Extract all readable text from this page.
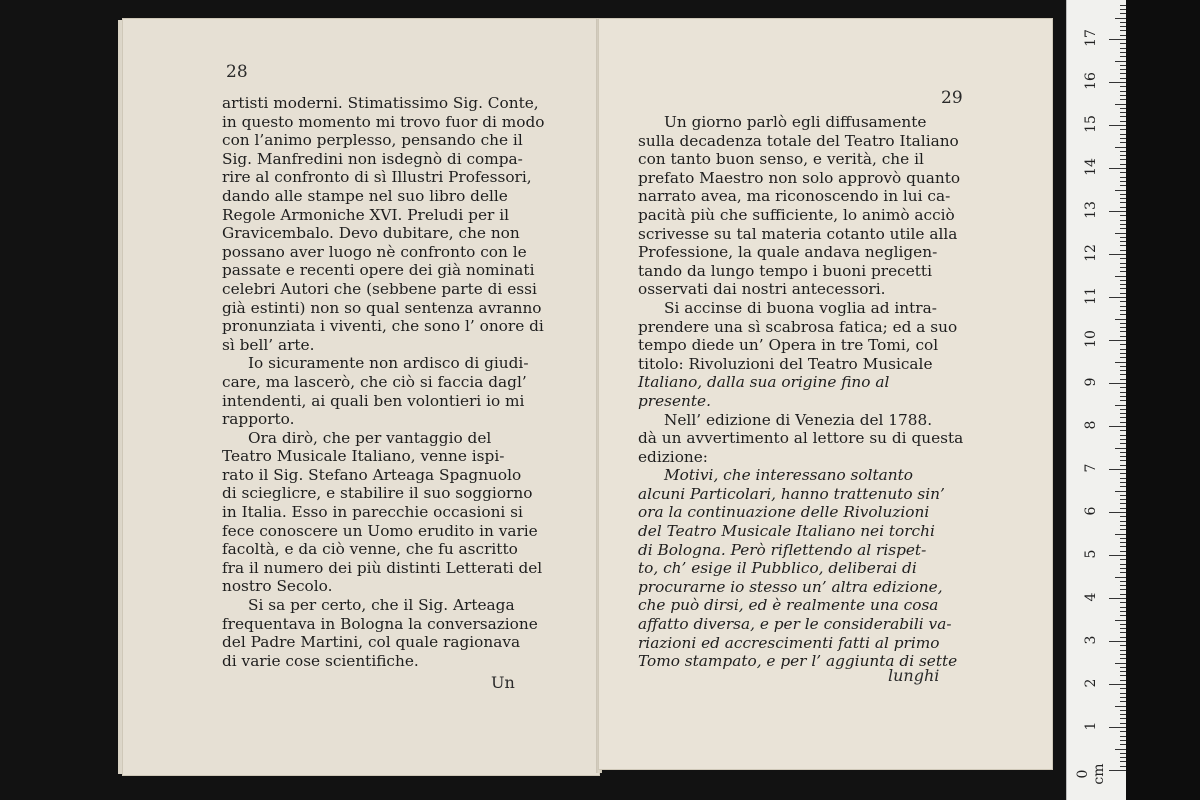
28
artisti moderni. Stimatissimo Sig. Conte,
in questo momento mi trovo fuor di modo
con l’animo perplesso, pensando che il
Sig. Manfredini non isdegnò di compa-
rire al confronto di sì Illustri Professori,
dando alle stampe nel suo libro delle
Regole Armoniche XVI. Preludi per il
Gravicembalo. Devo dubitare, che non
possano aver luogo nè confronto con le
passate e recenti opere dei già nominati
celebri Autori che (sebbene parte di essi
già estinti) non so qual sentenza avranno
pronunziata i viventi, che sono l’ onore di
sì bell’ arte.
Io sicuramente non ardisco di giudi-
care, ma lascerò, che ciò si faccia dagl’
intendenti, ai quali ben volontieri io mi
rapporto.
Ora dirò, che per vantaggio del
Teatro Musicale Italiano, venne ispi-
rato il Sig. Stefano Arteaga Spagnuolo
di scieglicre, e stabilire il suo soggiorno
in Italia. Esso in parecchie occasioni si
fece conoscere un Uomo erudito in varie
facoltà, e da ciò venne, che fu ascritto
fra il numero dei più distinti Letterati del
nostro Secolo.
Si sa per certo, che il Sig. Arteaga
frequentava in Bologna la conversazione
del Padre Martini, col quale ragionava
di varie cose scientifiche.
Un
29
Un giorno parlò egli diffusamente
sulla decadenza totale del Teatro Italiano
con tanto buon senso, e verità, che il
prefato Maestro non solo approvò quanto
narrato avea, ma riconoscendo in lui ca-
pacità più che sufficiente, lo animò acciò
scrivesse su tal materia cotanto utile alla
Professione, la quale andava negligen-
tando da lungo tempo i buoni precetti
osservati dai nostri antecessori.
Si accinse di buona voglia ad intra-
prendere una sì scabrosa fatica; ed a suo
tempo diede un’ Opera in tre Tomi, col
titolo: Rivoluzioni del Teatro Musicale
Italiano, dalla sua origine fino al
presente.
Nell’ edizione di Venezia del 1788.
dà un avvertimento al lettore su di questa
edizione:
Motivi, che interessano soltanto
alcuni Particolari, hanno trattenuto sin’
ora la continuazione delle Rivoluzioni
del Teatro Musicale Italiano nei torchi
di Bologna. Però riflettendo al rispet-
to, ch’ esige il Pubblico, deliberai di
procurarne io stesso un’ altra edizione,
che può dirsi, ed è realmente una cosa
affatto diversa, e per le considerabili va-
riazioni ed accrescimenti fatti al primo
Tomo stampato, e per l’ aggiunta di sette
lunghi
0 cm
1
2
3
4
5
6
7
8
9
10
11
12
13
14
15
16
17
